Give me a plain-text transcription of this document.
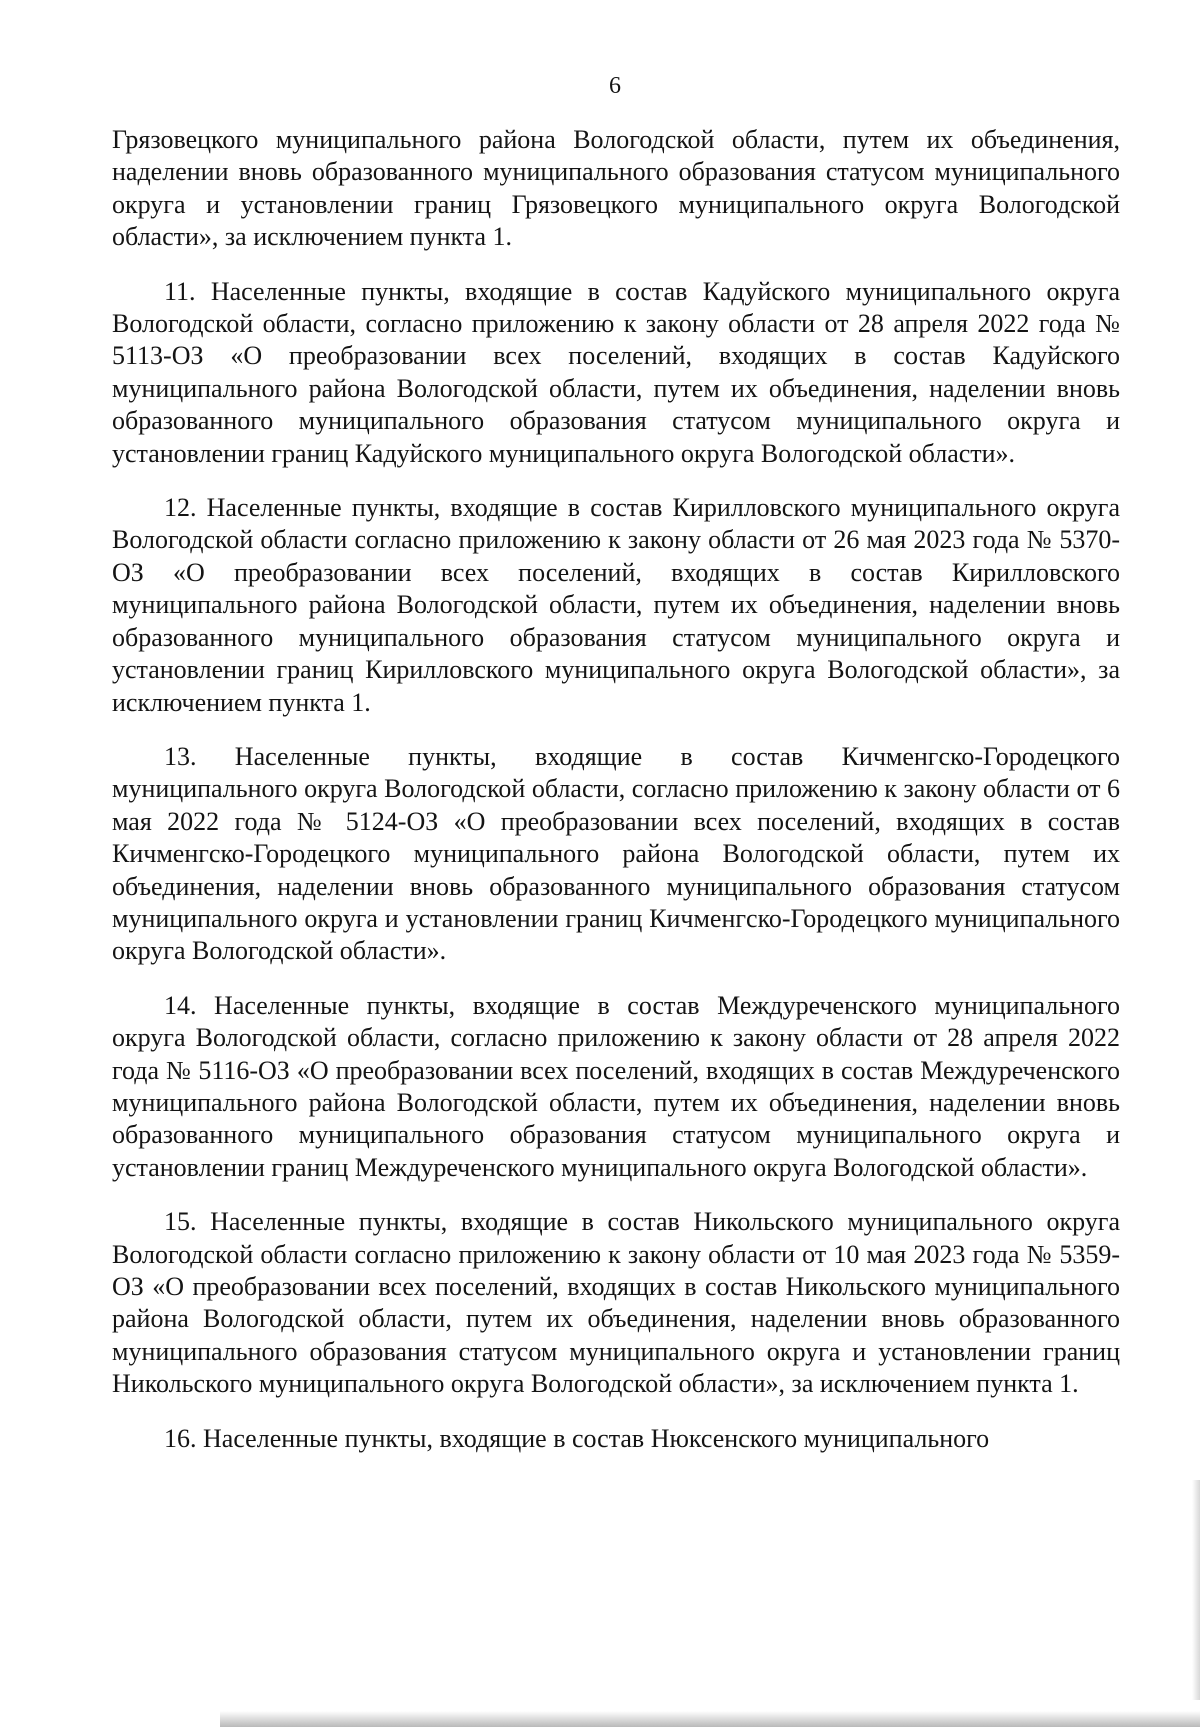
6

Грязовецкого муниципального района Вологодской области, путем их объединения, наделении вновь образованного муниципального образования статусом муниципального округа и установлении границ Грязовецкого муниципального округа Вологодской области», за исключением пункта 1.

11. Населенные пункты, входящие в состав Кадуйского муниципального округа Вологодской области, согласно приложению к закону области от 28 апреля 2022 года № 5113-ОЗ «О преобразовании всех поселений, входящих в состав Кадуйского муниципального района Вологодской области, путем их объединения, наделении вновь образованного муниципального образования статусом муниципального округа и установлении границ Кадуйского муниципального округа Вологодской области».

12. Населенные пункты, входящие в состав Кирилловского муниципального округа Вологодской области согласно приложению к закону области от 26 мая 2023 года № 5370-ОЗ «О преобразовании всех поселений, входящих в состав Кирилловского муниципального района Вологодской области, путем их объединения, наделении вновь образованного муниципального образования статусом муниципального округа и установлении границ Кирилловского муниципального округа Вологодской области», за исключением пункта 1.

13. Населенные пункты, входящие в состав Кичменгско-Городецкого муниципального округа Вологодской области, согласно приложению к закону области от 6 мая 2022 года № 5124-ОЗ «О преобразовании всех поселений, входящих в состав Кичменгско-Городецкого муниципального района Вологодской области, путем их объединения, наделении вновь образованного муниципального образования статусом муниципального округа и установлении границ Кичменгско-Городецкого муниципального округа Вологодской области».

14. Населенные пункты, входящие в состав Междуреченского муниципального округа Вологодской области, согласно приложению к закону области от 28 апреля 2022 года № 5116-ОЗ «О преобразовании всех поселений, входящих в состав Междуреченского муниципального района Вологодской области, путем их объединения, наделении вновь образованного муниципального образования статусом муниципального округа и установлении границ Междуреченского муниципального округа Вологодской области».

15. Населенные пункты, входящие в состав Никольского муниципального округа Вологодской области согласно приложению к закону области от 10 мая 2023 года № 5359-ОЗ «О преобразовании всех поселений, входящих в состав Никольского муниципального района Вологодской области, путем их объединения, наделении вновь образованного муниципального образования статусом муниципального округа и установлении границ Никольского муниципального округа Вологодской области», за исключением пункта 1.

16. Населенные пункты, входящие в состав Нюксенского муниципального
